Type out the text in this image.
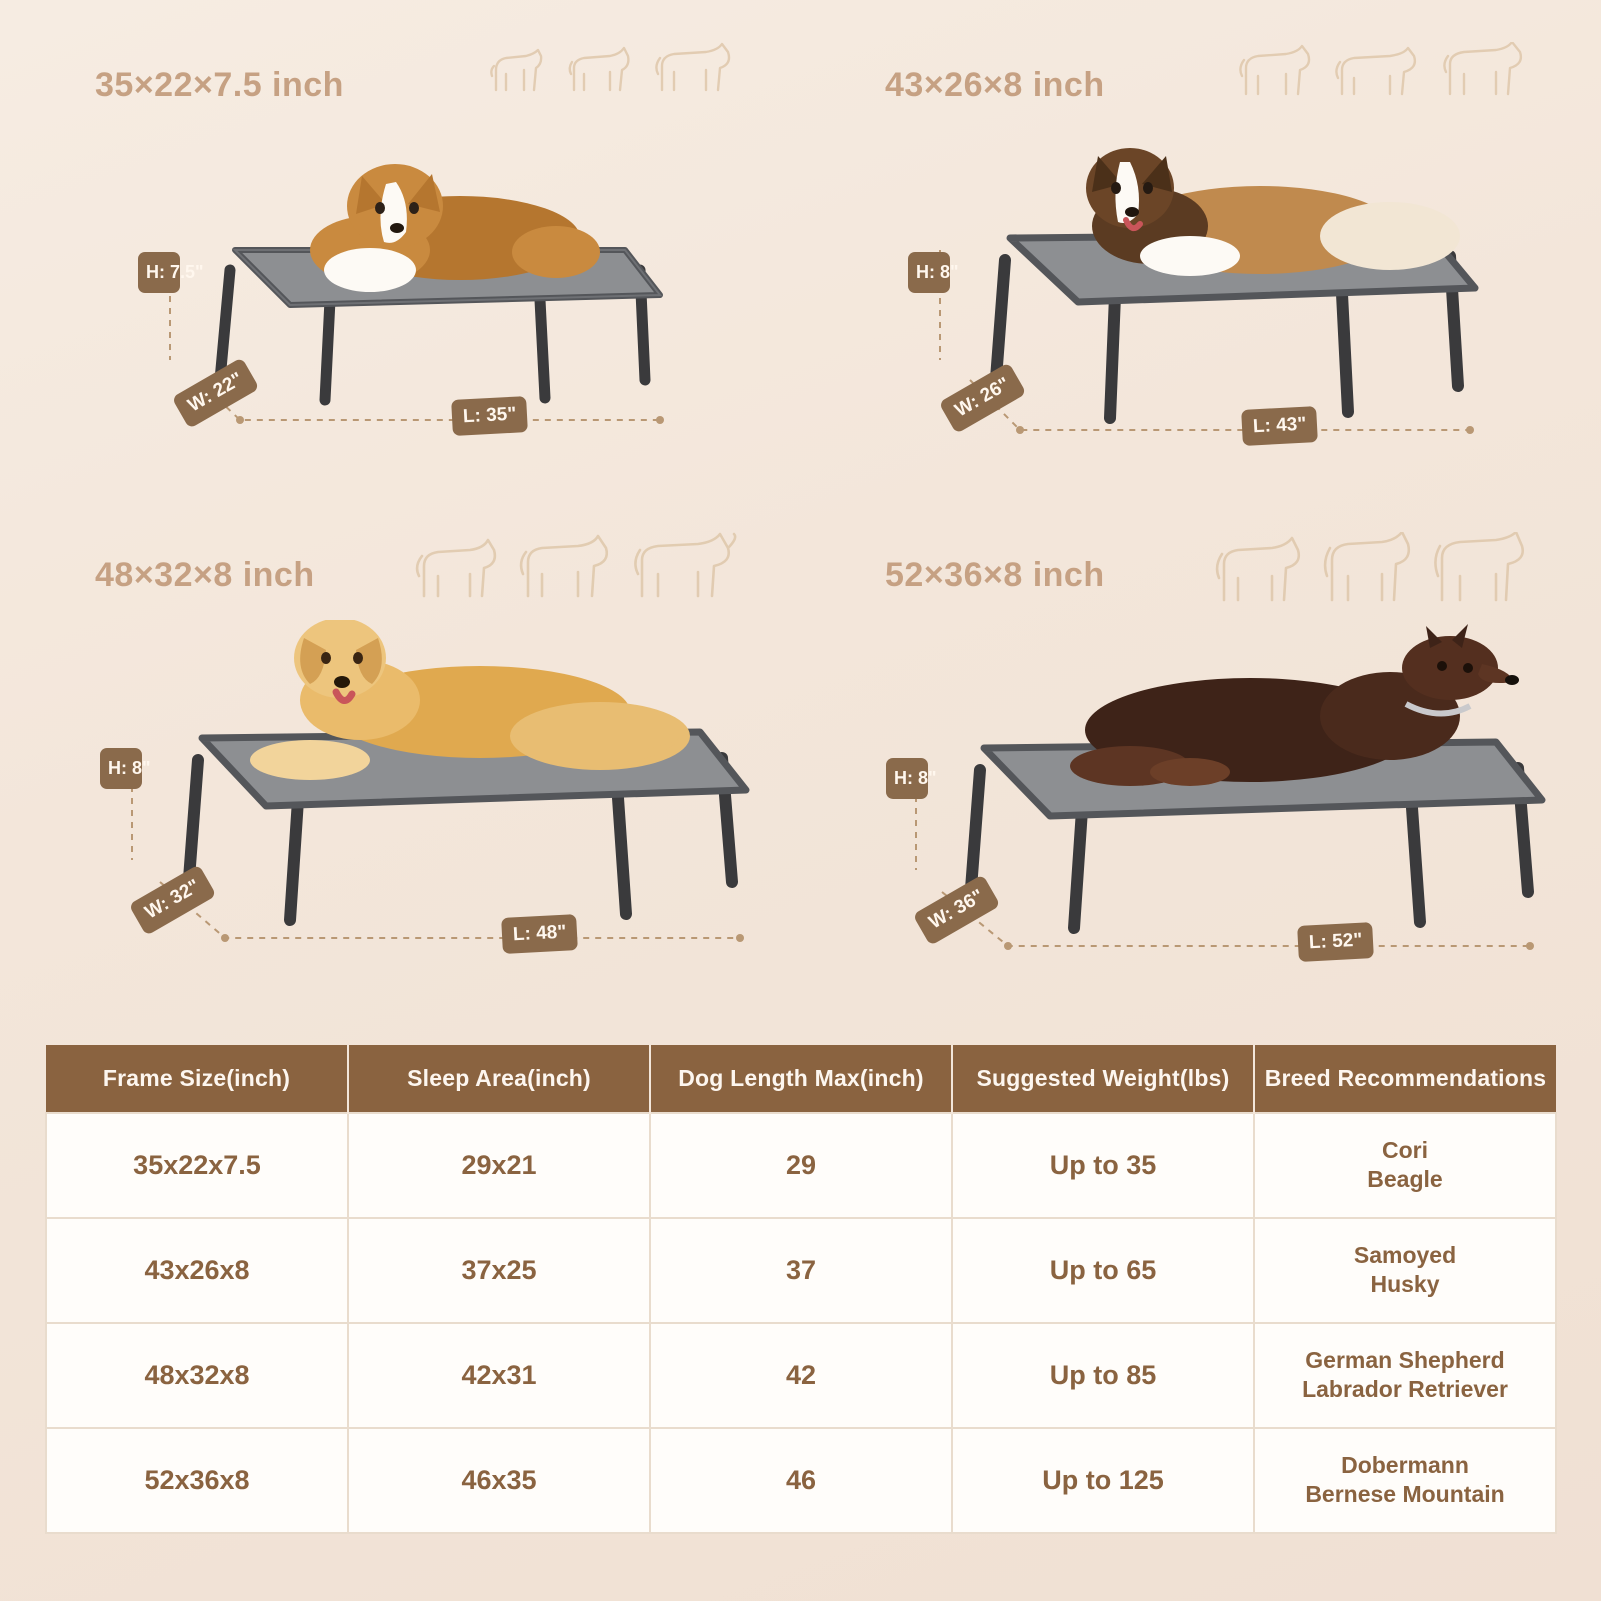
35×22×7.5 inch
H: 7.5"
W: 22"	L: 35"
43×26×8 inch
H: 8"
W: 26"
L: 43"
48×32×8 inch
H: 8"
W: 32"
L: 48"
52×36×8 inch
H: 8"
W: 36"
L: 52"
Frame Size(inch)	Sleep Area(inch)	Dog Length Max(inch)	Suggested Weight(lbs)	Breed Recommendations
35x22x7.5	29x21	29	Up to 35	Cori
Beagle
43x26x8	37x25	37	Up to 65	Samoyed
Husky
48x32x8	42x31	42	Up to 85	German Shepherd
Labrador Retriever
52x36x8	46x35	46	Up to 125	Dobermann
Bernese Mountain
